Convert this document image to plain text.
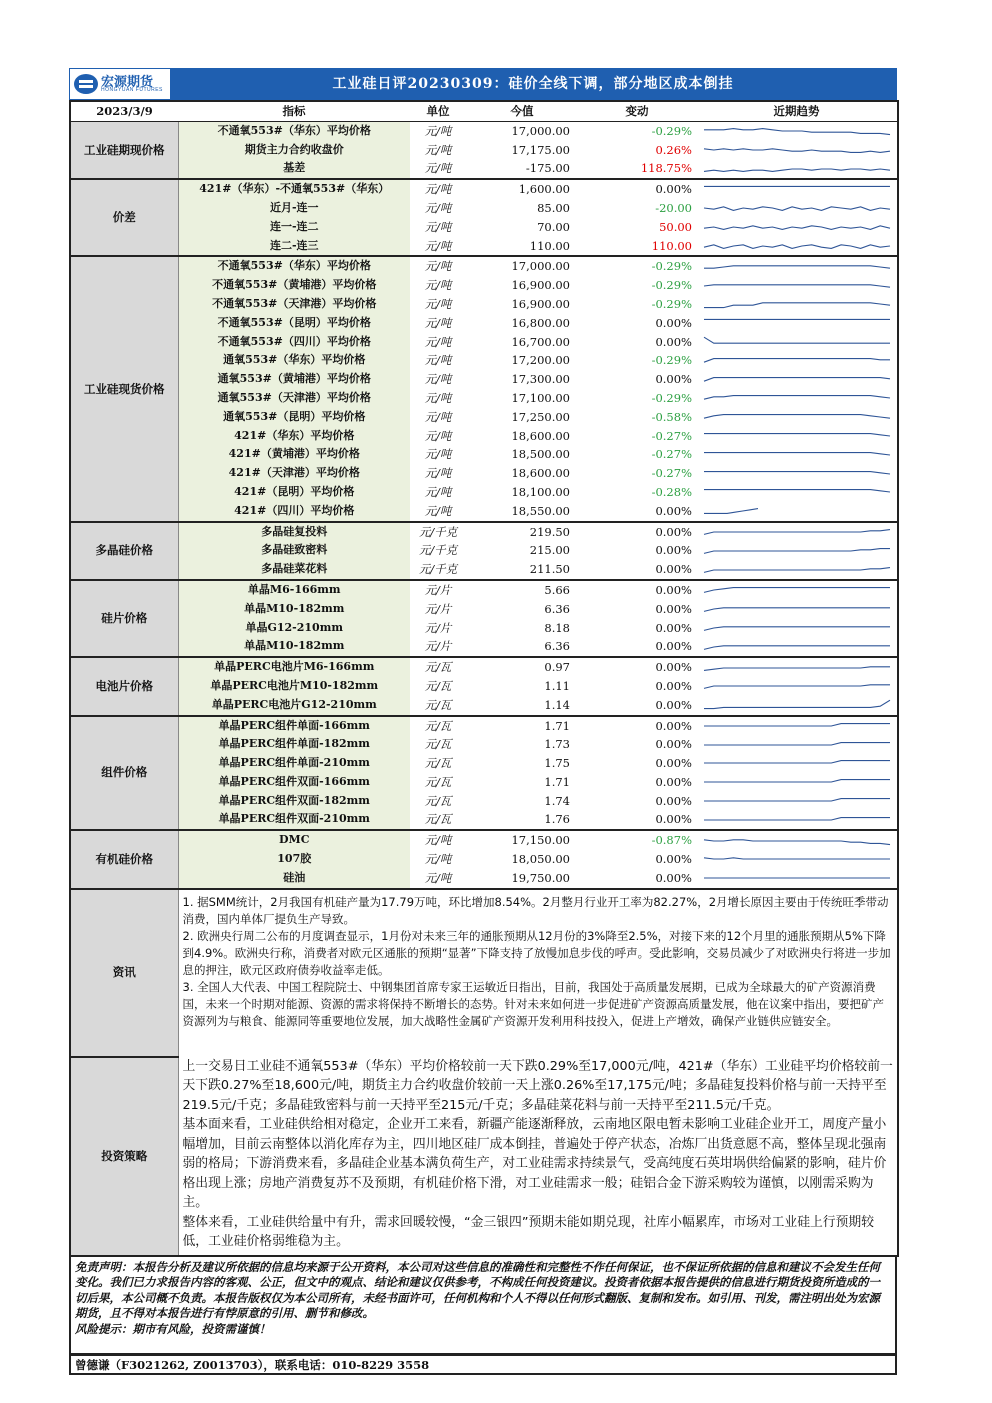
宏源期货
HONGYUAN FUTURES	工业硅日评20230309：硅价全线下调，部分地区成本倒挂
2023/3/9	指标	单位	今值	变动	近期趋势
工业硅期现价格	不通氧553#（华东）平均价格	元/吨	17,000.00	-0.29%	

	期货主力合约收盘价	元/吨	17,175.00	0.26%	

	基差	元/吨	-175.00	118.75%	

价差	421#（华东）-不通氧553#（华东）	元/吨	1,600.00	0.00%	

	近月-连一	元/吨	85.00	-20.00	

	连一-连二	元/吨	70.00	50.00	

	连二-连三	元/吨	110.00	110.00	

工业硅现货价格	不通氧553#（华东）平均价格	元/吨	17,000.00	-0.29%	

	不通氧553#（黄埔港）平均价格	元/吨	16,900.00	-0.29%	

	不通氧553#（天津港）平均价格	元/吨	16,900.00	-0.29%	

	不通氧553#（昆明）平均价格	元/吨	16,800.00	0.00%	

	不通氧553#（四川）平均价格	元/吨	16,700.00	0.00%	

	通氧553#（华东）平均价格	元/吨	17,200.00	-0.29%	

	通氧553#（黄埔港）平均价格	元/吨	17,300.00	0.00%	

	通氧553#（天津港）平均价格	元/吨	17,100.00	-0.29%	

	通氧553#（昆明）平均价格	元/吨	17,250.00	-0.58%	

	421#（华东）平均价格	元/吨	18,600.00	-0.27%	

	421#（黄埔港）平均价格	元/吨	18,500.00	-0.27%	

	421#（天津港）平均价格	元/吨	18,600.00	-0.27%	

	421#（昆明）平均价格	元/吨	18,100.00	-0.28%	

	421#（四川）平均价格	元/吨	18,550.00	0.00%	

多晶硅价格	多晶硅复投料	元/千克	219.50	0.00%	

	多晶硅致密料	元/千克	215.00	0.00%	

	多晶硅菜花料	元/千克	211.50	0.00%	

硅片价格	单晶M6-166mm	元/片	5.66	0.00%	

	单晶M10-182mm	元/片	6.36	0.00%	

	单晶G12-210mm	元/片	8.18	0.00%	

	单晶M10-182mm	元/片	6.36	0.00%	

电池片价格	单晶PERC电池片M6-166mm	元/瓦	0.97	0.00%	

	单晶PERC电池片M10-182mm	元/瓦	1.11	0.00%	

	单晶PERC电池片G12-210mm	元/瓦	1.14	0.00%	

组件价格	单晶PERC组件单面-166mm	元/瓦	1.71	0.00%	

	单晶PERC组件单面-182mm	元/瓦	1.73	0.00%	

	单晶PERC组件单面-210mm	元/瓦	1.75	0.00%	

	单晶PERC组件双面-166mm	元/瓦	1.71	0.00%	

	单晶PERC组件双面-182mm	元/瓦	1.74	0.00%	

	单晶PERC组件双面-210mm	元/瓦	1.76	0.00%	

有机硅价格	DMC	元/吨	17,150.00	-0.87%	

	107胶	元/吨	18,050.00	0.00%	

	硅油	元/吨	19,750.00	0.00%	

资讯	1. 据SMM统计，2月我国有机硅产量为17.79万吨，环比增加8.54%。2月整月行业开工率为82.27%，2月增长原因主要由于传统旺季带动消费，国内单体厂提负生产导致。

2. 欧洲央行周二公布的月度调查显示，1月份对未来三年的通胀预期从12月份的3%降至2.5%，对接下来的12个月里的通胀预期从5%下降到4.9%。欧洲央行称，消费者对欧元区通胀的预期“显著”下降支持了放慢加息步伐的呼声。受此影响，交易员减少了对欧洲央行将进一步加息的押注，欧元区政府债券收益率走低。

3. 全国人大代表、中国工程院院士、中钢集团首席专家王运敏近日指出，目前，我国处于高质量发展期，已成为全球最大的矿产资源消费国，未来一个时期对能源、资源的需求将保持不断增长的态势。针对未来如何进一步促进矿产资源高质量发展，他在议案中指出，要把矿产资源列为与粮食、能源同等重要地位发展，加大战略性金属矿产资源开发利用科技投入，促进上产增效，确保产业链供应链安全。				

投资策略	上一交易日工业硅不通氧553#（华东）平均价格较前一天下跌0.29%至17,000元/吨，421#（华东）工业硅平均价格较前一天下跌0.27%至18,600元/吨，期货主力合约收盘价较前一天上涨0.26%至17,175元/吨；多晶硅复投料价格与前一天持平至219.5元/千克；多晶硅致密料与前一天持平至215元/千克；多晶硅菜花料与前一天持平至211.5元/千克。

基本面来看，工业硅供给相对稳定，企业开工来看，新疆产能逐渐释放，云南地区限电暂未影响工业硅企业开工，周度产量小幅增加，目前云南整体以消化库存为主，四川地区硅厂成本倒挂，普遍处于停产状态，冶炼厂出货意愿不高，整体呈现北强南弱的格局；下游消费来看，多晶硅企业基本满负荷生产，对工业硅需求持续景气，受高纯度石英坩埚供给偏紧的影响，硅片价格出现上涨；房地产消费复苏不及预期，有机硅价格下滑，对工业硅需求一般；硅铝合金下游采购较为谨慎，以刚需采购为主。

整体来看，工业硅供给量中有升，需求回暖较慢，“金三银四”预期未能如期兑现，社库小幅累库，市场对工业硅上行预期较低，工业硅价格弱维稳为主。				

免责声明：本报告分析及建议所依据的信息均来源于公开资料，本公司对这些信息的准确性和完整性不作任何保证，也不保证所依据的信息和建议不会发生任何变化。我们已力求报告内容的客观、公正，但文中的观点、结论和建议仅供参考，不构成任何投资建议。投资者依据本报告提供的信息进行期货投资所造成的一切后果，本公司概不负责。本报告版权仅为本公司所有，未经书面许可，任何机构和个人不得以任何形式翻版、复制和发布。如引用、刊发，需注明出处为宏源期货，且不得对本报告进行有悖原意的引用、删节和修改。

风险提示：期市有风险，投资需谨慎！

曾德谦（F3021262, Z0013703），联系电话：010-8229 3558
